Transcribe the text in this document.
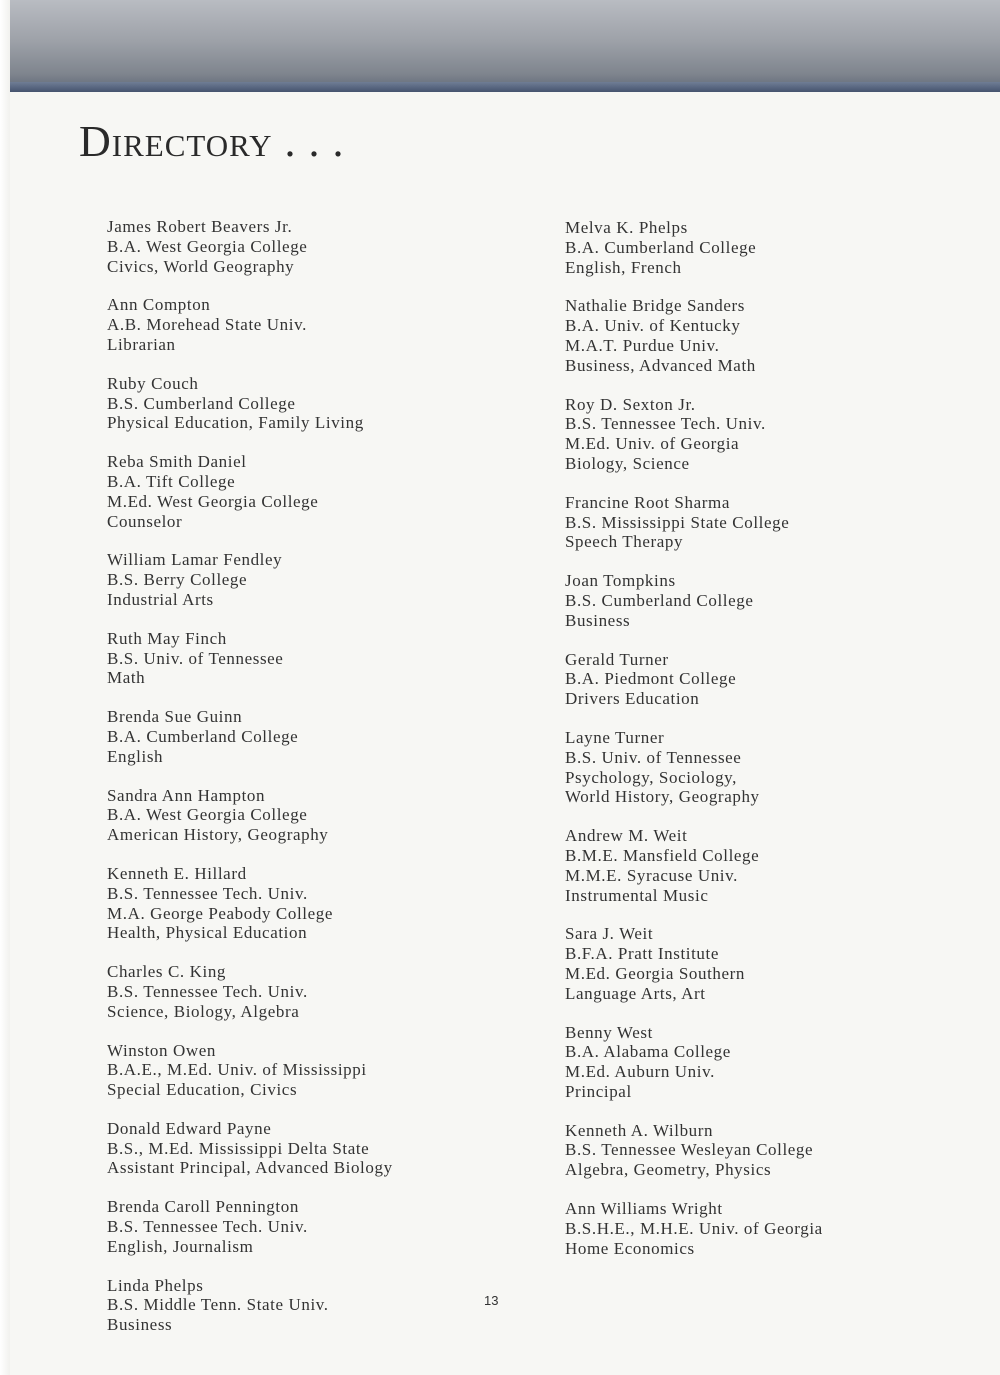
Directory . . .
James Robert Beavers Jr.
B.A. West Georgia College
Civics, World Geography
Ann Compton
A.B. Morehead State Univ.
Librarian
Ruby Couch
B.S. Cumberland College
Physical Education, Family Living
Reba Smith Daniel
B.A. Tift College
M.Ed. West Georgia College
Counselor
William Lamar Fendley
B.S. Berry College
Industrial Arts
Ruth May Finch
B.S. Univ. of Tennessee
Math
Brenda Sue Guinn
B.A. Cumberland College
English
Sandra Ann Hampton
B.A. West Georgia College
American History, Geography
Kenneth E. Hillard
B.S. Tennessee Tech. Univ.
M.A. George Peabody College
Health, Physical Education
Charles C. King
B.S. Tennessee Tech. Univ.
Science, Biology, Algebra
Winston Owen
B.A.E., M.Ed. Univ. of Mississippi
Special Education, Civics
Donald Edward Payne
B.S., M.Ed. Mississippi Delta State
Assistant Principal, Advanced Biology
Brenda Caroll Pennington
B.S. Tennessee Tech. Univ.
English, Journalism
Linda Phelps
B.S. Middle Tenn. State Univ.
Business
Melva K. Phelps
B.A. Cumberland College
English, French
Nathalie Bridge Sanders
B.A. Univ. of Kentucky
M.A.T. Purdue Univ.
Business, Advanced Math
Roy D. Sexton Jr.
B.S. Tennessee Tech. Univ.
M.Ed. Univ. of Georgia
Biology, Science
Francine Root Sharma
B.S. Mississippi State College
Speech Therapy
Joan Tompkins
B.S. Cumberland College
Business
Gerald Turner
B.A. Piedmont College
Drivers Education
Layne Turner
B.S. Univ. of Tennessee
Psychology, Sociology,
World History, Geography
Andrew M. Weit
B.M.E. Mansfield College
M.M.E. Syracuse Univ.
Instrumental Music
Sara J. Weit
B.F.A. Pratt Institute
M.Ed. Georgia Southern
Language Arts, Art
Benny West
B.A. Alabama College
M.Ed. Auburn Univ.
Principal
Kenneth A. Wilburn
B.S. Tennessee Wesleyan College
Algebra, Geometry, Physics
Ann Williams Wright
B.S.H.E., M.H.E. Univ. of Georgia
Home Economics
13
